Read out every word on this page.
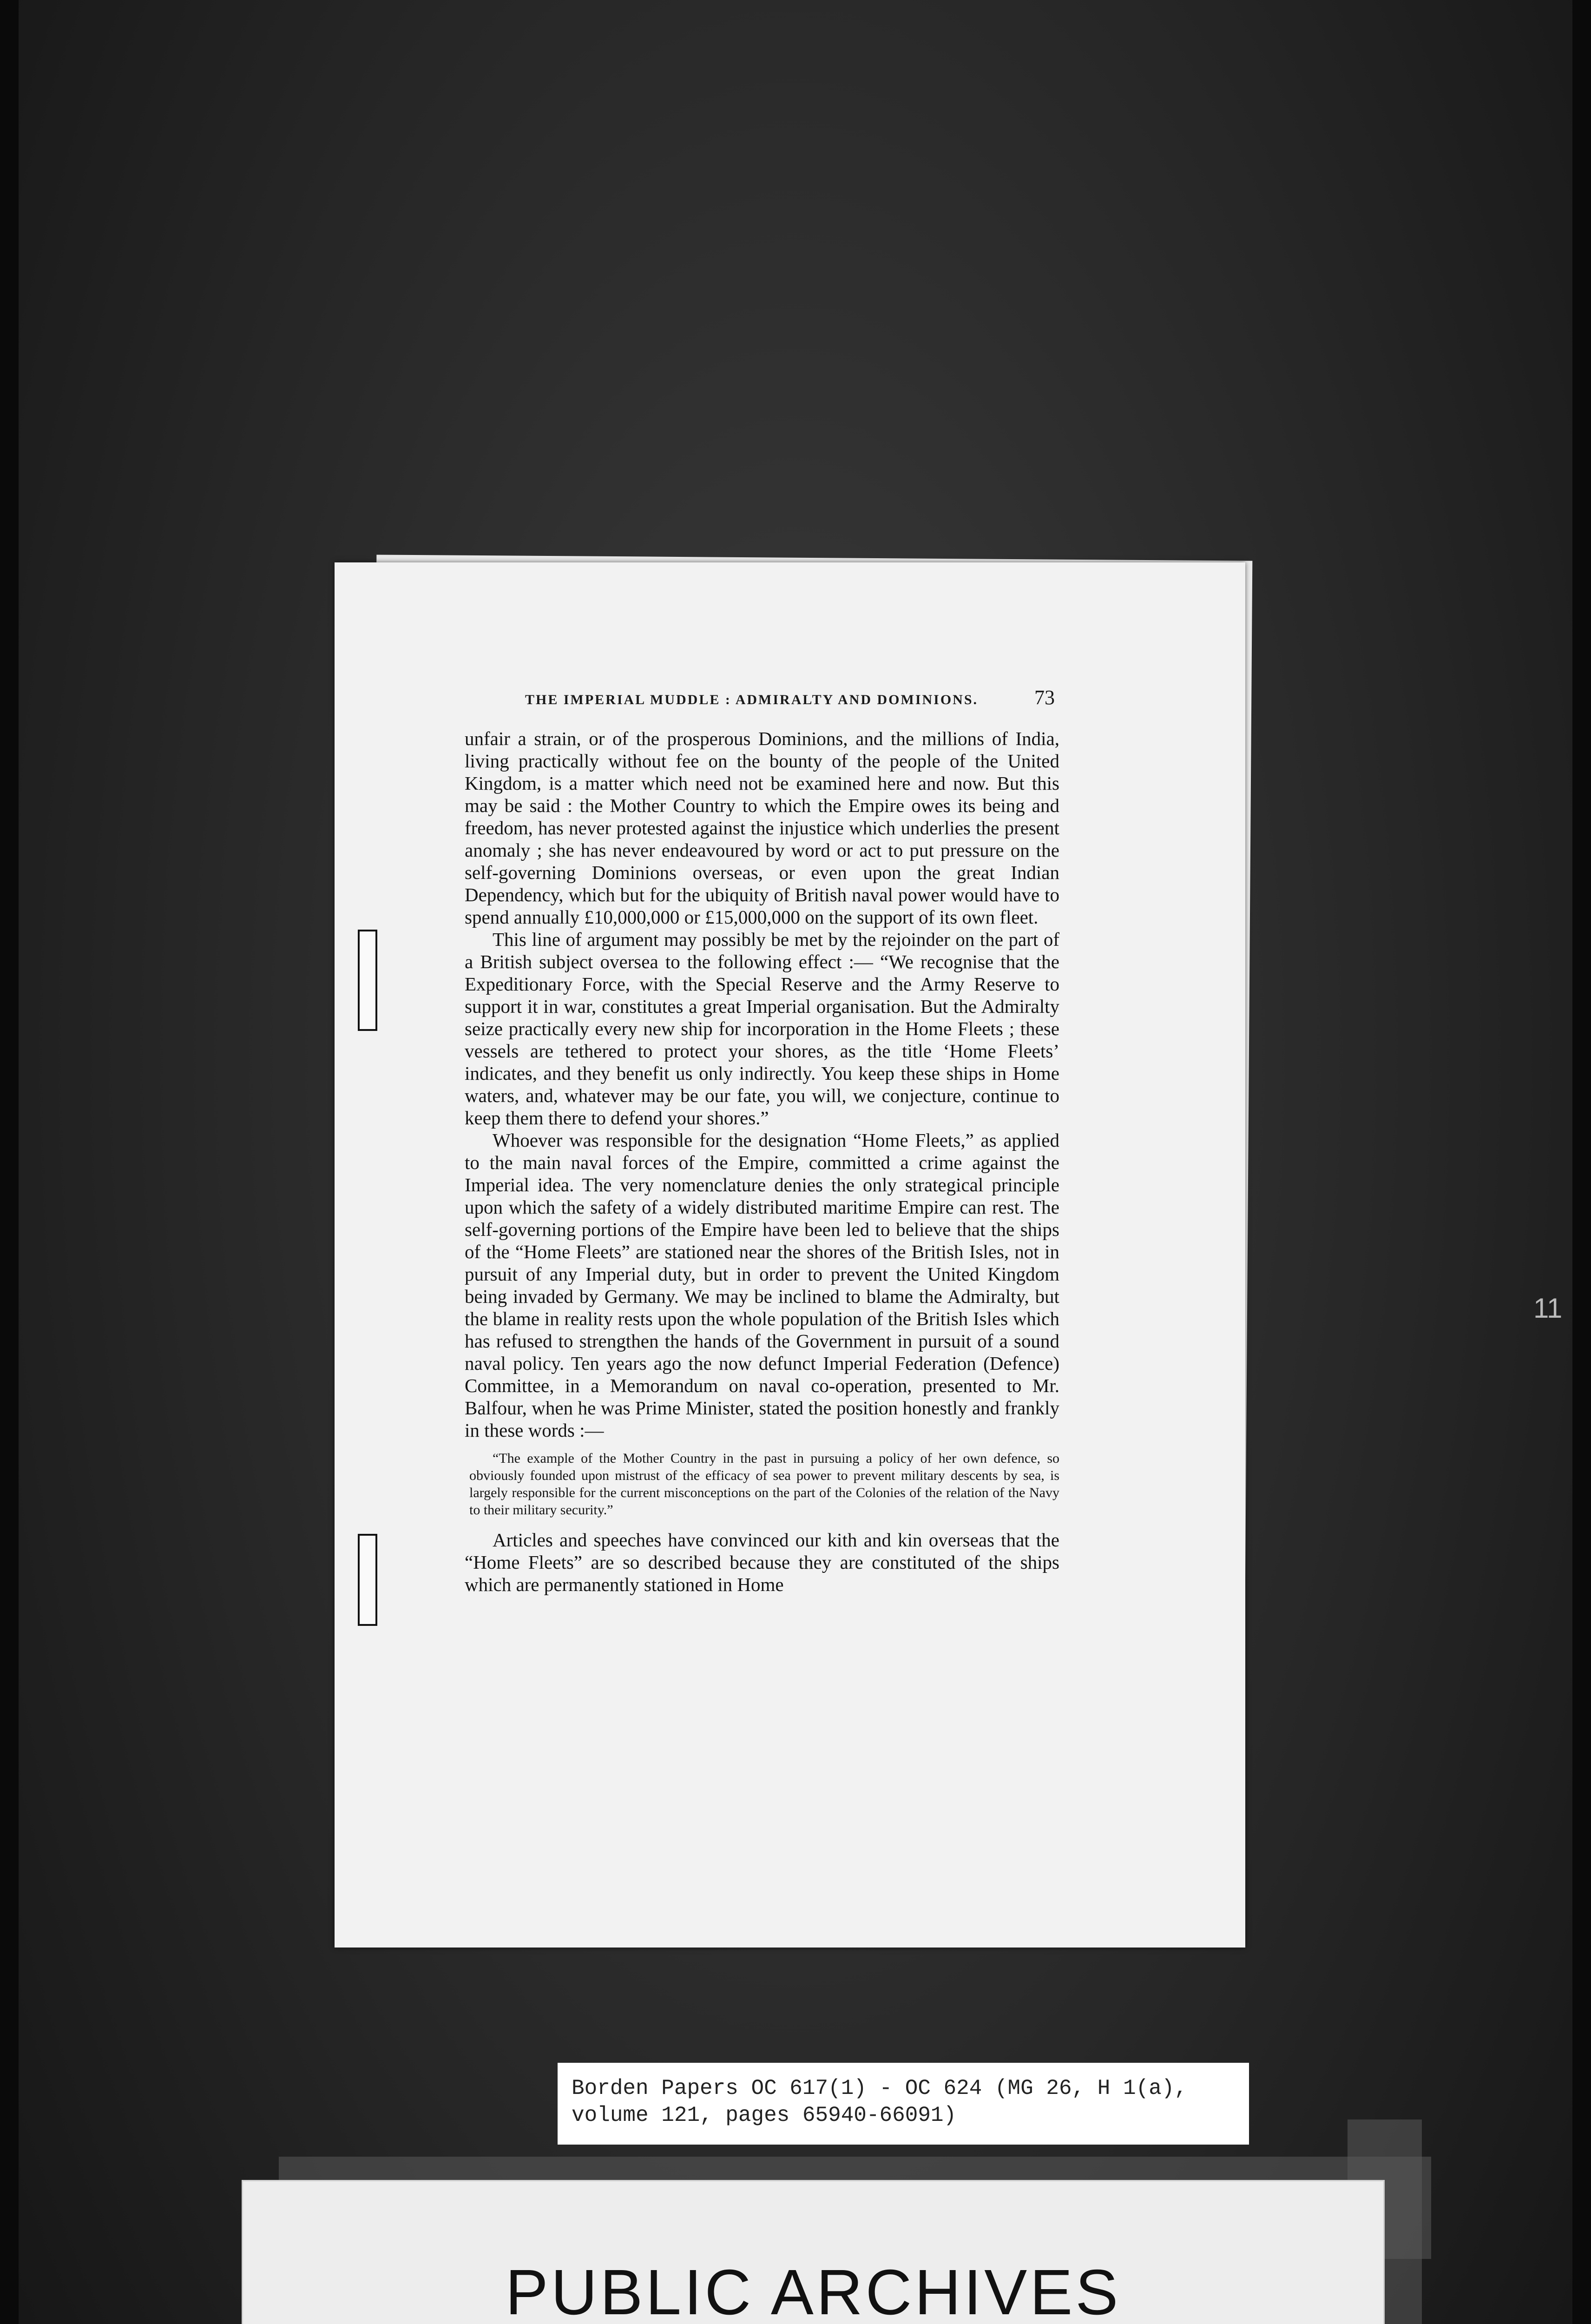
THE IMPERIAL MUDDLE : ADMIRALTY AND DOMINIONS.	73

unfair a strain, or of the prosperous Dominions, and the millions of India, living practically without fee on the bounty of the people of the United Kingdom, is a matter which need not be examined here and now. But this may be said : the Mother Country to which the Empire owes its being and freedom, has never protested against the injustice which underlies the present anomaly ; she has never endeavoured by word or act to put pressure on the self-governing Dominions overseas, or even upon the great Indian Dependency, which but for the ubiquity of British naval power would have to spend annually £10,000,000 or £15,000,000 on the support of its own fleet.

This line of argument may possibly be met by the rejoinder on the part of a British subject oversea to the following effect :— “We recognise that the Expeditionary Force, with the Special Reserve and the Army Reserve to support it in war, constitutes a great Imperial organisation. But the Admiralty seize practically every new ship for incorporation in the Home Fleets ; these vessels are tethered to protect your shores, as the title ‘Home Fleets’ indicates, and they benefit us only indirectly. You keep these ships in Home waters, and, whatever may be our fate, you will, we conjecture, continue to keep them there to defend your shores.”

Whoever was responsible for the designation “Home Fleets,” as applied to the main naval forces of the Empire, committed a crime against the Imperial idea. The very nomenclature denies the only strategical principle upon which the safety of a widely distributed maritime Empire can rest. The self-governing portions of the Empire have been led to believe that the ships of the “Home Fleets” are stationed near the shores of the British Isles, not in pursuit of any Imperial duty, but in order to prevent the United Kingdom being invaded by Germany. We may be inclined to blame the Admiralty, but the blame in reality rests upon the whole population of the British Isles which has refused to strengthen the hands of the Government in pursuit of a sound naval policy. Ten years ago the now defunct Imperial Federation (Defence) Committee, in a Memorandum on naval co-operation, presented to Mr. Balfour, when he was Prime Minister, stated the position honestly and frankly in these words :—

“The example of the Mother Country in the past in pursuing a policy of her own defence, so obviously founded upon mistrust of the efficacy of sea power to prevent military descents by sea, is largely responsible for the current misconceptions on the part of the Colonies of the relation of the Navy to their military security.”

Articles and speeches have convinced our kith and kin overseas that the “Home Fleets” are so described because they are constituted of the ships which are permanently stationed in Home

11
Borden Papers OC 617(1) - OC 624 (MG 26, H 1(a),
volume 121, pages 65940-66091)
PUBLIC ARCHIVES
